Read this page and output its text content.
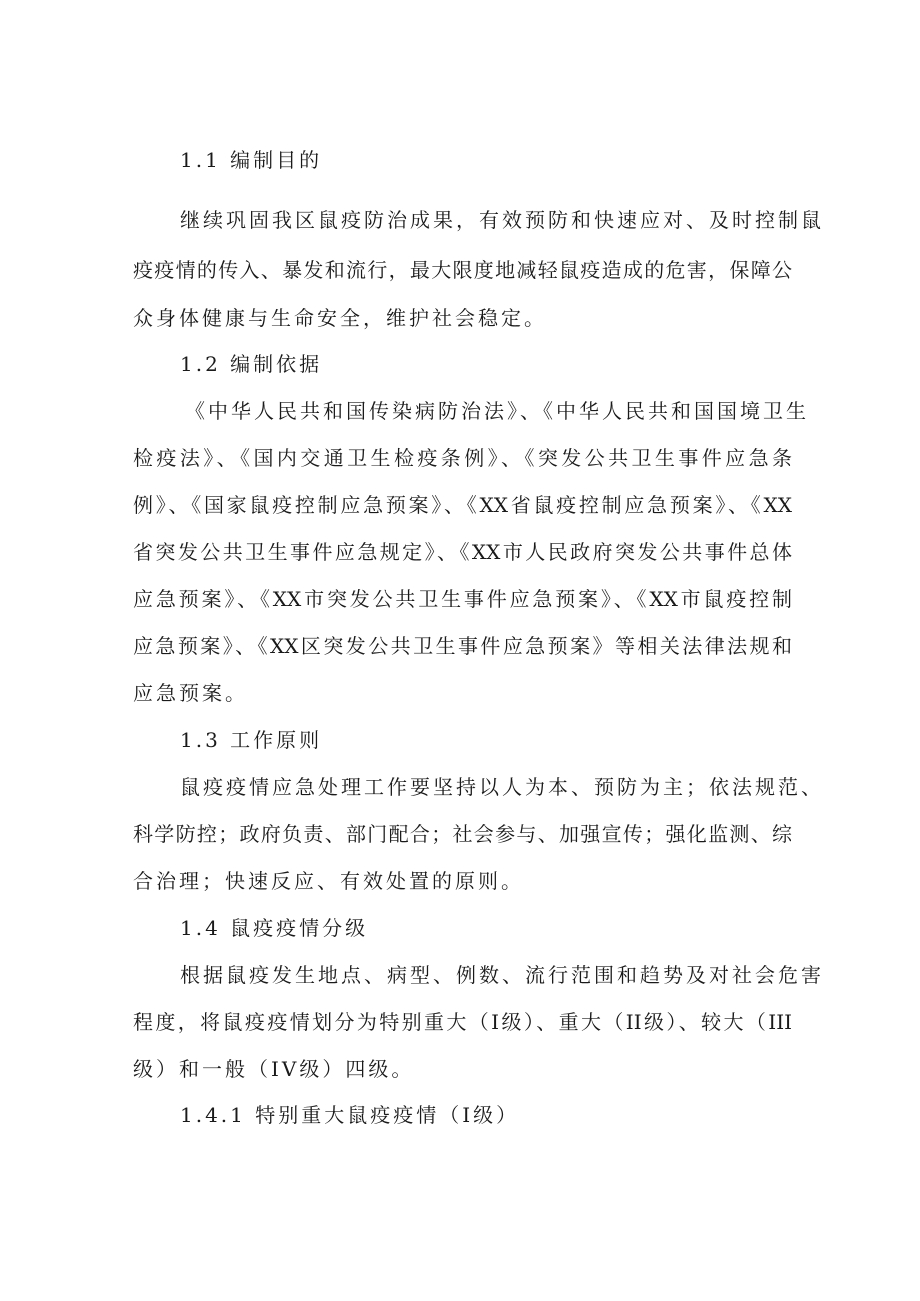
1.1 编制目的
继续巩固我区鼠疫防治成果，有效预防和快速应对、及时控制鼠
疫疫情的传入、暴发和流行，最大限度地减轻鼠疫造成的危害，保障公
众身体健康与生命安全，维护社会稳定。
1.2 编制依据
《中华人民共和国传染病防治法》、《中华人民共和国国境卫生
检疫法》、《国内交通卫生检疫条例》、《突发公共卫生事件应急条
例》、《国家鼠疫控制应急预案》、《XX省鼠疫控制应急预案》、《XX
省突发公共卫生事件应急规定》、《XX市人民政府突发公共事件总体
应急预案》、《XX市突发公共卫生事件应急预案》、《XX市鼠疫控制
应急预案》、《XX区突发公共卫生事件应急预案》等相关法律法规和
应急预案。
1.3 工作原则
鼠疫疫情应急处理工作要坚持以人为本、预防为主；依法规范、
科学防控；政府负责、部门配合；社会参与、加强宣传；强化监测、综
合治理；快速反应、有效处置的原则。
1.4 鼠疫疫情分级
根据鼠疫发生地点、病型、例数、流行范围和趋势及对社会危害
程度，将鼠疫疫情划分为特别重大（I级）、重大（II级）、较大（III
级）和一般（IV级）四级。
1.4.1 特别重大鼠疫疫情（I级）
